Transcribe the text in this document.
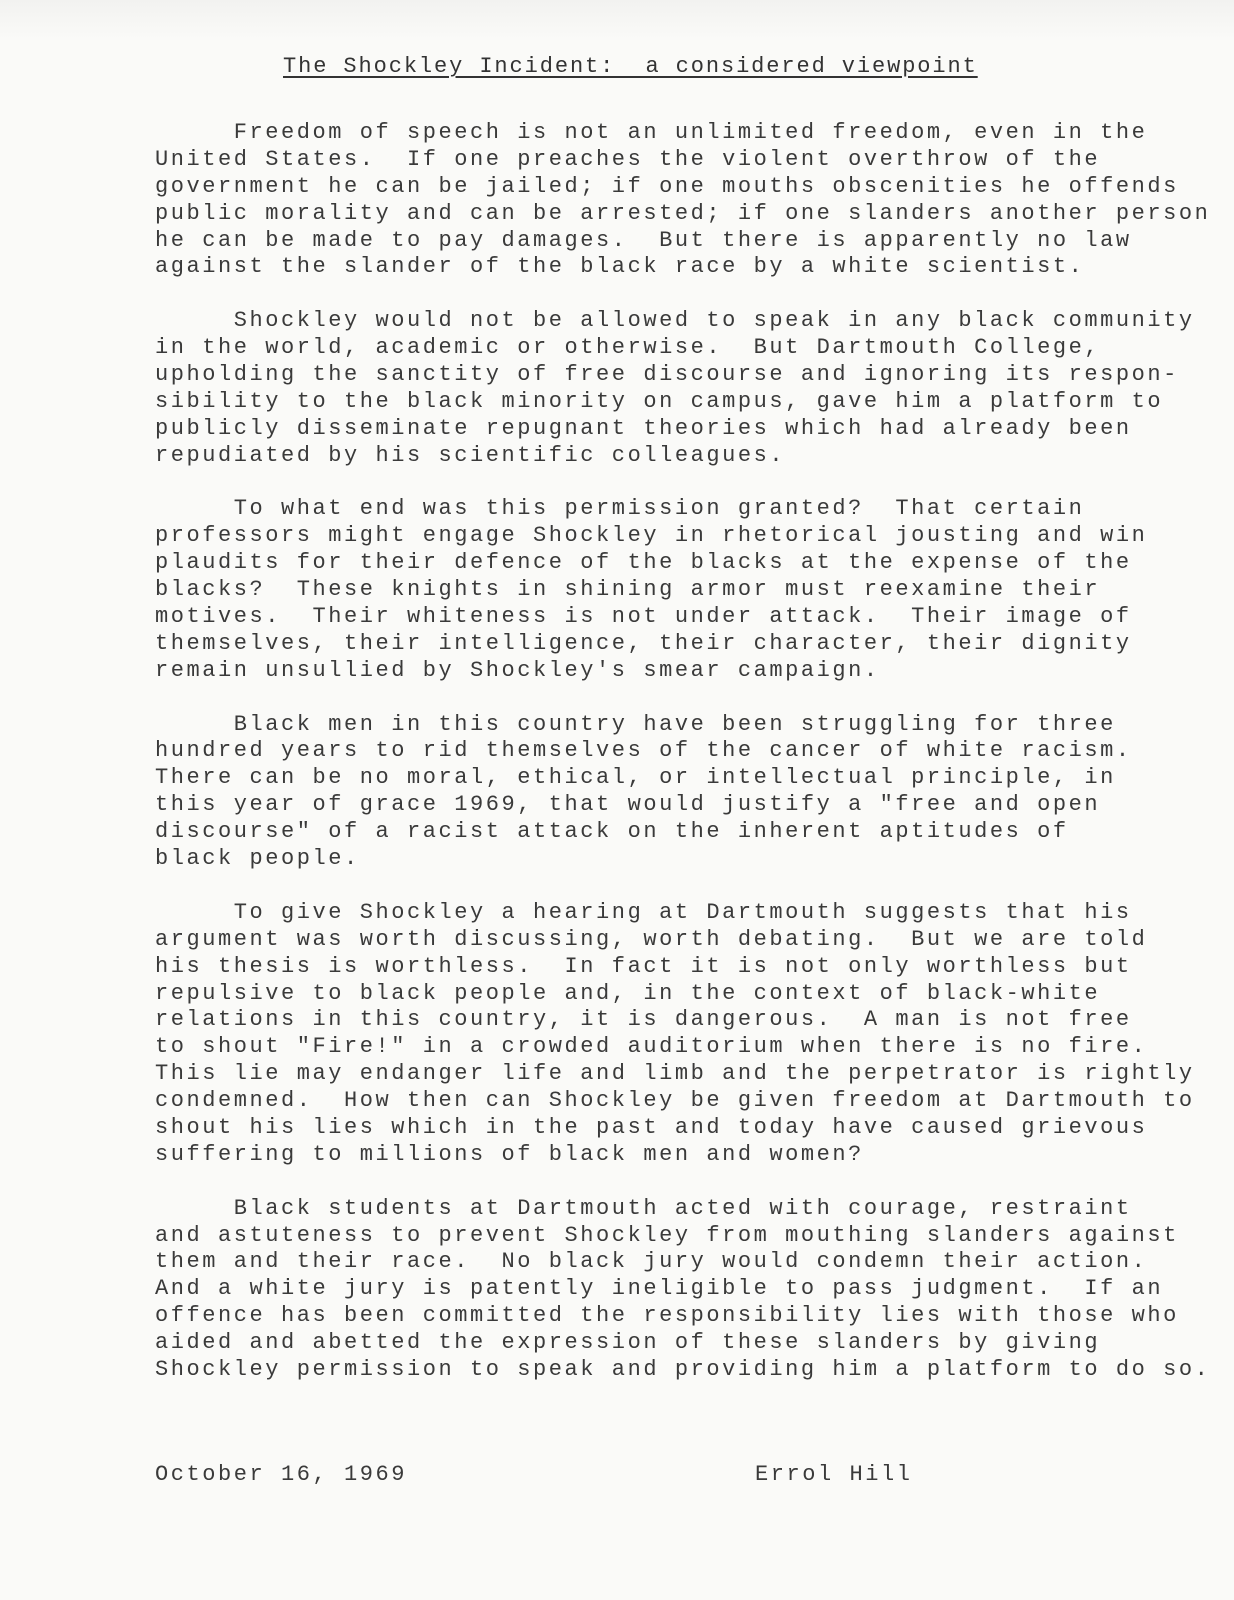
The Shockley Incident:  a considered viewpoint
Freedom of speech is not an unlimited freedom, even in the
United States.  If one preaches the violent overthrow of the
government he can be jailed; if one mouths obscenities he offends
public morality and can be arrested; if one slanders another person
he can be made to pay damages.  But there is apparently no law
against the slander of the black race by a white scientist.
Shockley would not be allowed to speak in any black community
in the world, academic or otherwise.  But Dartmouth College,
upholding the sanctity of free discourse and ignoring its respon-
sibility to the black minority on campus, gave him a platform to
publicly disseminate repugnant theories which had already been
repudiated by his scientific colleagues.
To what end was this permission granted?  That certain
professors might engage Shockley in rhetorical jousting and win
plaudits for their defence of the blacks at the expense of the
blacks?  These knights in shining armor must reexamine their
motives.  Their whiteness is not under attack.  Their image of
themselves, their intelligence, their character, their dignity
remain unsullied by Shockley's smear campaign.
Black men in this country have been struggling for three
hundred years to rid themselves of the cancer of white racism.
There can be no moral, ethical, or intellectual principle, in
this year of grace 1969, that would justify a "free and open
discourse" of a racist attack on the inherent aptitudes of
black people.
To give Shockley a hearing at Dartmouth suggests that his
argument was worth discussing, worth debating.  But we are told
his thesis is worthless.  In fact it is not only worthless but
repulsive to black people and, in the context of black-white
relations in this country, it is dangerous.  A man is not free
to shout "Fire!" in a crowded auditorium when there is no fire.
This lie may endanger life and limb and the perpetrator is rightly
condemned.  How then can Shockley be given freedom at Dartmouth to
shout his lies which in the past and today have caused grievous
suffering to millions of black men and women?
Black students at Dartmouth acted with courage, restraint
and astuteness to prevent Shockley from mouthing slanders against
them and their race.  No black jury would condemn their action.
And a white jury is patently ineligible to pass judgment.  If an
offence has been committed the responsibility lies with those who
aided and abetted the expression of these slanders by giving
Shockley permission to speak and providing him a platform to do so.
October 16, 1969	Errol Hill
